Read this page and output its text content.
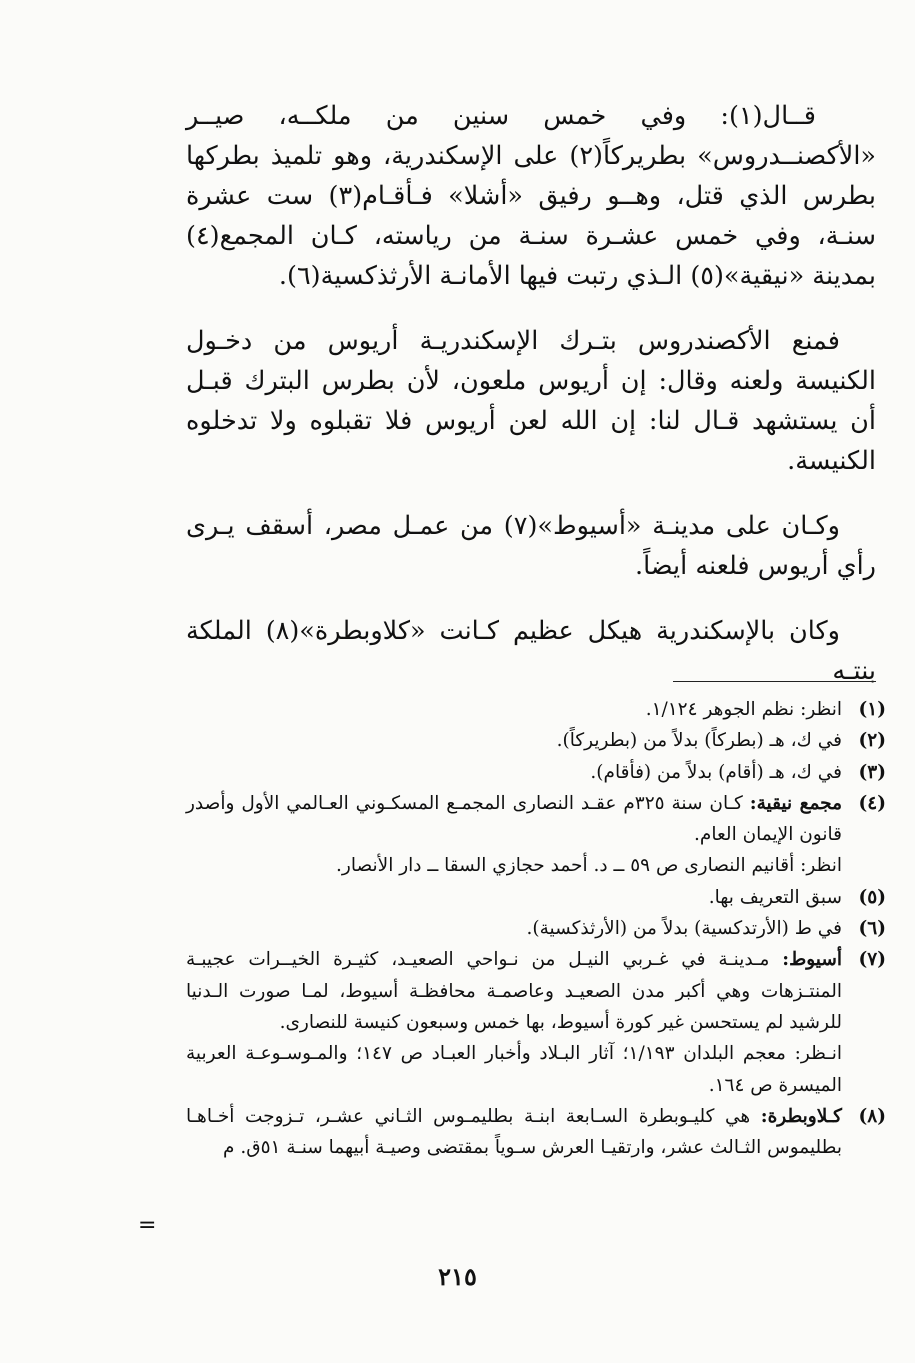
قــال(١): وفي خمس سنين من ملكــه، صيــر «الأكصنــدروس» بطريركاً(٢) على الإسكندرية، وهو تلميذ بطركها بطرس الذي قتل، وهــو رفيق «أشلا» فـأقـام(٣) ست عشرة سنـة، وفي خمس عشـرة سنـة من رياسته، كـان المجمع(٤) بمدينة «نيقية»(٥) الـذي رتبت فيها الأمانـة الأرثذكسية(٦).

فمنع الأكصندروس بتـرك الإسكندريـة أريوس من دخـول الكنيسة ولعنه وقال: إن أريوس ملعون، لأن بطرس البترك قبـل أن يستشهد قـال لنا: إن الله لعن أريوس فلا تقبلوه ولا تدخلوه الكنيسة.

وكـان على مدينـة «أسيوط»(٧) من عمـل مصر، أسقف يـرى رأي أريوس فلعنه أيضاً.

وكان بالإسكندرية هيكل عظيم كـانت «كلاوبطرة»(٨) الملكة بنتـه

(١)
انظر: نظم الجوهر ١/١٢٤.
(٢)
في ك، هـ (بطركاً) بدلاً من (بطريركاً).
(٣)
في ك، هـ (أقام) بدلاً من (فأقام).
(٤)
مجمع نيقية: كـان سنة ٣٢٥م عقـد النصارى المجمـع المسكـوني العـالمي الأول وأصدر قانون الإيمان العام.
انظر: أقانيم النصارى ص ٥٩ ــ د. أحمد حجازي السقا ــ دار الأنصار.
(٥)
سبق التعريف بها.
(٦)
في ط (الأرتدكسية) بدلاً من (الأرثذكسية).
(٧)
أسيوط: مـدينـة في غـربي النيـل من نـواحي الصعيـد، كثيـرة الخيــرات عجيبـة المنتـزهات وهي أكبر مدن الصعيـد وعاصمـة محافظـة أسيوط، لمـا صورت الـدنيا للرشيد لم يستحسن غير كورة أسيوط، بها خمس وسبعون كنيسة للنصارى.
انـظر: معجم البلدان ١/١٩٣؛ آثار البـلاد وأخبار العبـاد ص ١٤٧؛ والمـوسـوعـة العربية الميسرة ص ١٦٤.
(٨)
كـلاوبطرة: هي كليـوبطرة السـابعة ابنـة بطليمـوس الثـاني عشـر، تـزوجت أخـاهـا بطليموس الثـالث عشر، وارتقيـا العرش سـوياً بمقتضى وصيـة أبيهما سنـة ٥١ق. م
=
٢١٥
